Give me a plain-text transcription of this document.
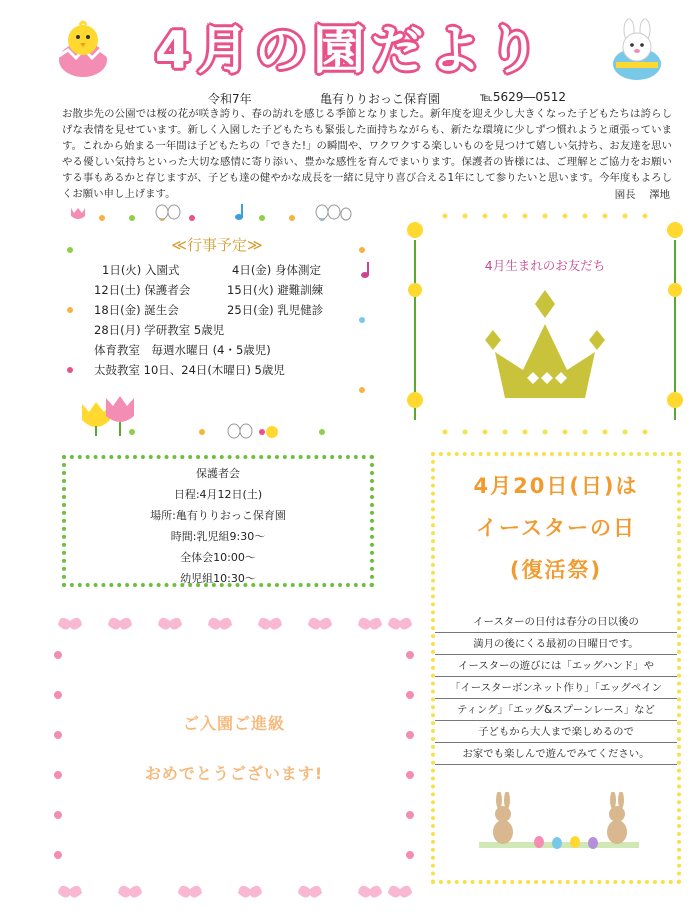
4月の園だより
令和7年	亀有りりおっこ保育園	℡5629―0512
お散歩先の公園では桜の花が咲き誇り、春の訪れを感じる季節となりました。新年度を迎え少し大きくなった子どもたちは誇らしげな表情を見せています。新しく入園した子どもたちも緊張した面持ちながらも、新たな環境に少しずつ慣れようと頑張っています。これから始まる一年間は子どもたちの「できた!」の瞬間や、ワクワクする楽しいものを見つけて嬉しい気持ち、お友達を思いやる優しい気持ちといった大切な感情に寄り添い、豊かな感性を育んでまいります。保護者の皆様には、ご理解とご協力をお願いする事もあるかと存じますが、子ども達の健やかな成長を一緒に見守り喜び合える1年にして参りたいと思います。今年度もよろしくお願い申し上げます。	園長　 澤地
≪行事予定≫
1日(火) 入園式	4日(金) 身体測定
12日(土) 保護者会	15日(火) 避難訓練
18日(金) 誕生会	25日(金) 乳児健診
28日(月) 学研教室 5歳児
体育教室　毎週水曜日 (4・5歳児)
太鼓教室 10日、24日(木曜日) 5歳児
4月生まれのお友だち
保護者会
日程:4月12日(土)
場所:亀有りりおっこ保育園
時間:乳児組9:30～
全体会10:00～
幼児組10:30～
ご入園ご進級
おめでとうございます!
4月20日(日)は
イースターの日
(復活祭)
イースターの日付は春分の日以後の
満月の後にくる最初の日曜日です。
イースターの遊びには「エッグハンド」や
「イースターボンネット作り」「エッグペイン
ティング」「エッグ&スプーンレース」など
子どもから大人まで楽しめるので
お家でも楽しんで遊んでみてください。
